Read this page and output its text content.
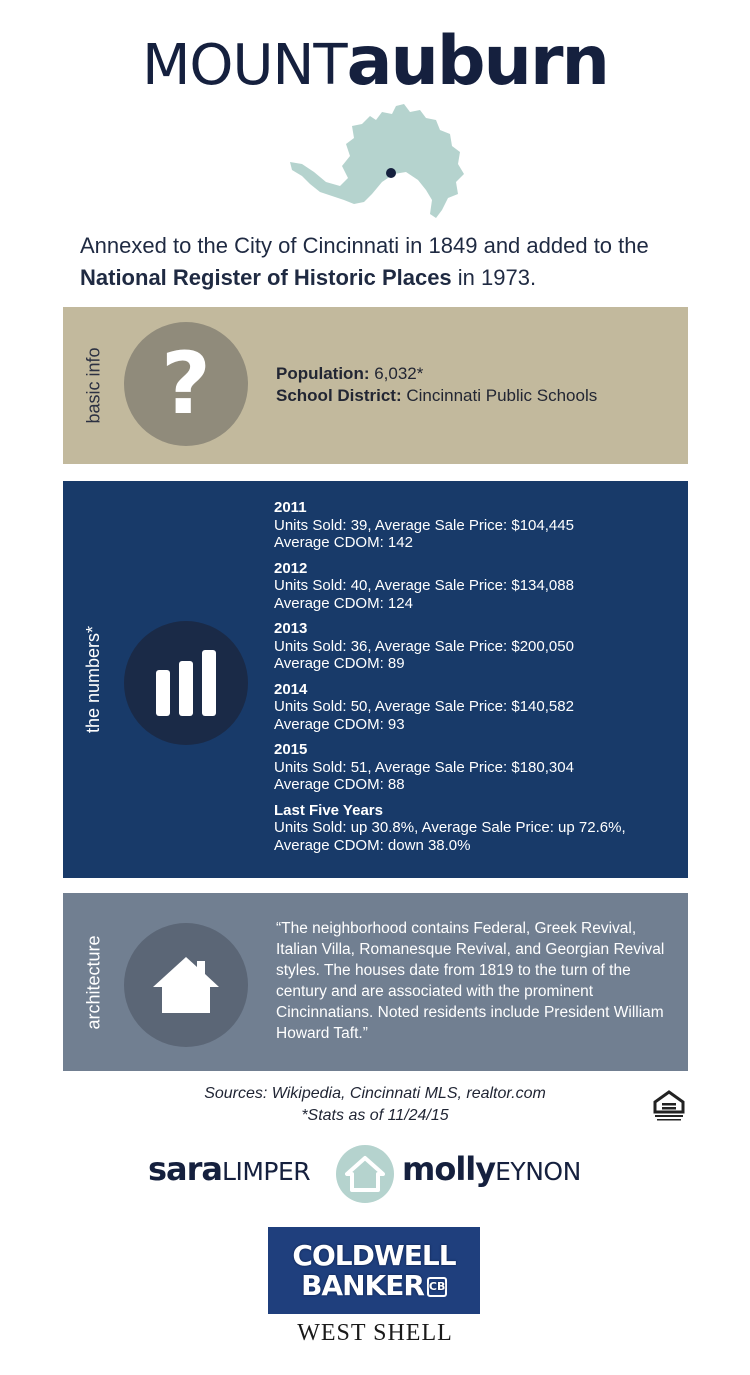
MOUNTauburn
Annexed to the City of Cincinnati in 1849 and added to the National Register of Historic Places in 1973.
basic info ?	Population: 6,032*
School District: Cincinnati Public Schools
the numbers*
2011
Units Sold: 39, Average Sale Price: $104,445
Average CDOM: 142
2012
Units Sold: 40, Average Sale Price: $134,088
Average CDOM: 124
2013
Units Sold: 36, Average Sale Price: $200,050
Average CDOM: 89
2014
Units Sold: 50, Average Sale Price: $140,582
Average CDOM: 93
2015
Units Sold: 51, Average Sale Price: $180,304
Average CDOM: 88
Last Five Years
Units Sold: up 30.8%, Average Sale Price: up 72.6%,
Average CDOM: down 38.0%
architecture
“The neighborhood contains Federal, Greek Revival, Italian Villa, Romanesque Revival, and Georgian Revival styles. The houses date from 1819 to the turn of the century and are associated with the prominent Cincinnatians. Noted residents include President William Howard Taft.”
Sources: Wikipedia, Cincinnati MLS, realtor.com
*Stats as of 11/24/15
saraLIMPER	mollyEYNON
COLDWELL
BANKER CB
WEST SHELL
